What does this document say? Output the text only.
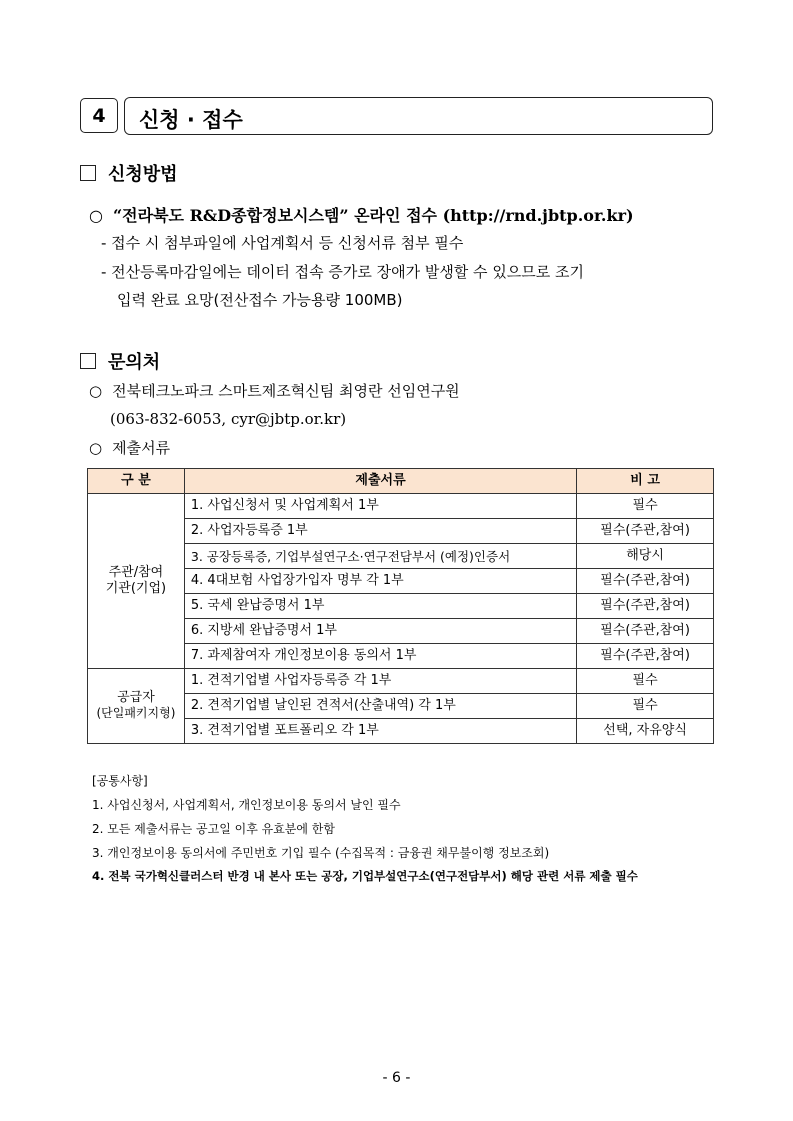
4	신청 · 접수
신청방법
○ “전라북도 R&D종합정보시스템” 온라인 접수 (http://rnd.jbtp.or.kr)
- 접수 시 첨부파일에 사업계획서 등 신청서류 첨부 필수
- 전산등록마감일에는 데이터 접속 증가로 장애가 발생할 수 있으므로 조기
입력 완료 요망(전산접수 가능용량 100MB)
문의처
○ 전북테크노파크 스마트제조혁신팀 최영란 선임연구원
(063-832-6053, cyr@jbtp.or.kr)
○ 제출서류
구 분	제출서류	비 고
주관/참여
기관(기업)	1. 사업신청서 및 사업계획서 1부	필수
	2. 사업자등록증 1부	필수(주관,참여)
	3. 공장등록증, 기업부설연구소·연구전담부서 (예정)인증서	해당시
	4. 4대보험 사업장가입자 명부 각 1부	필수(주관,참여)
	5. 국세 완납증명서 1부	필수(주관,참여)
	6. 지방세 완납증명서 1부	필수(주관,참여)
	7. 과제참여자 개인정보이용 동의서 1부	필수(주관,참여)
공급자
(단일패키지형)	1. 견적기업별 사업자등록증 각 1부	필수
	2. 견적기업별 날인된 견적서(산출내역) 각 1부	필수
	3. 견적기업별 포트폴리오 각 1부	선택, 자유양식
[공통사항]
1. 사업신청서, 사업계획서, 개인정보이용 동의서 날인 필수
2. 모든 제출서류는 공고일 이후 유효분에 한함
3. 개인정보이용 동의서에 주민번호 기입 필수 (수집목적 : 금융권 채무불이행 정보조회)
4. 전북 국가혁신클러스터 반경 내 본사 또는 공장, 기업부설연구소(연구전담부서) 해당 관련 서류 제출 필수
- 6 -
